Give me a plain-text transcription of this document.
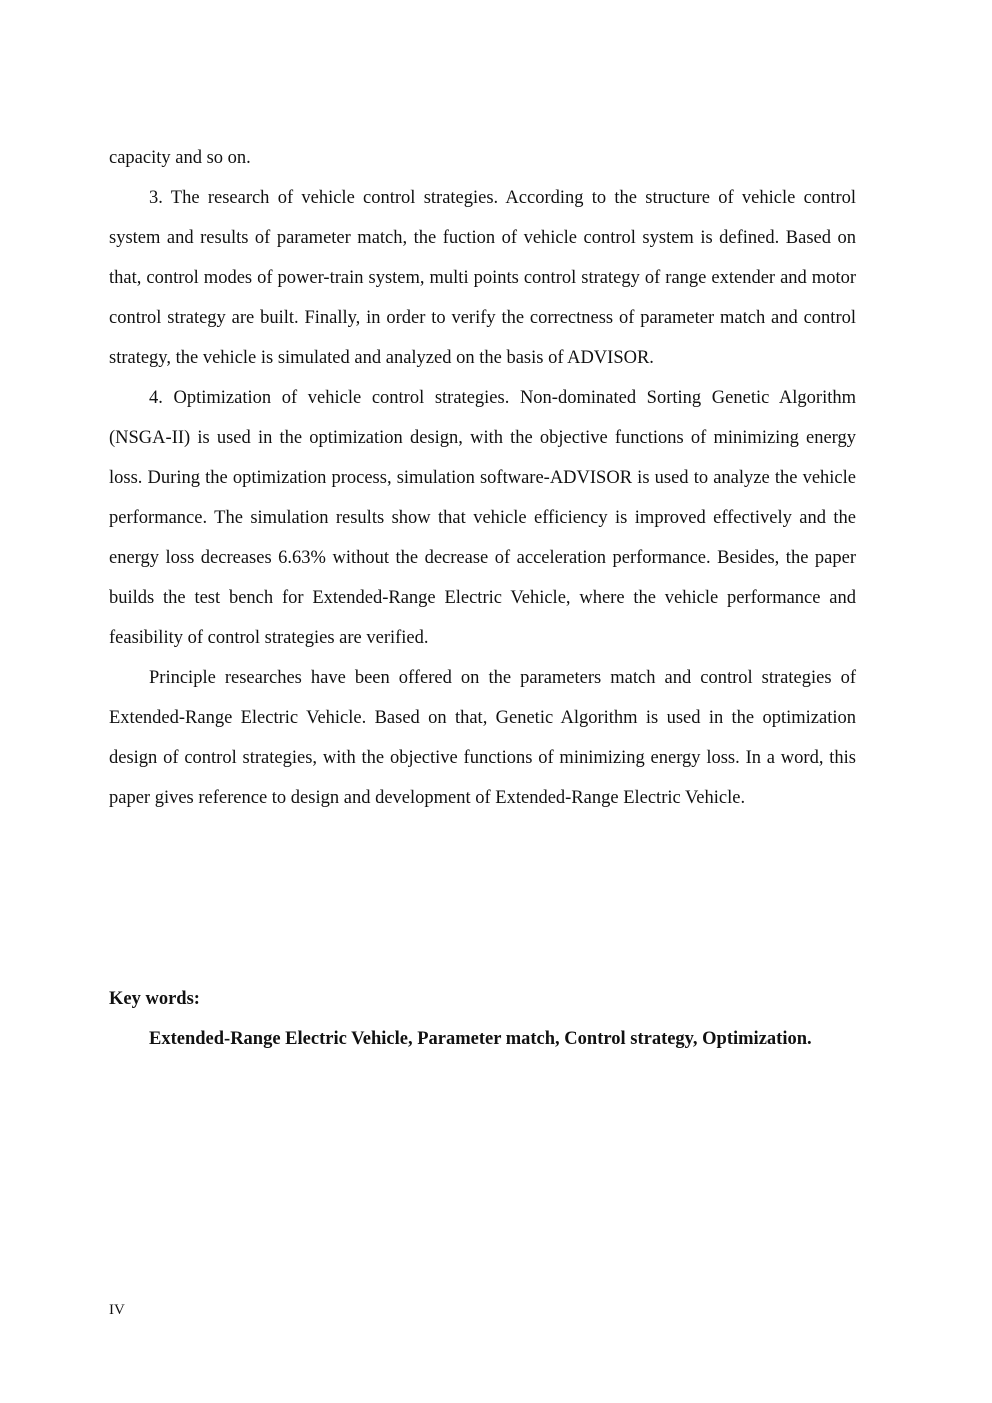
capacity and so on.

3. The research of vehicle control strategies. According to the structure of vehicle control system and results of parameter match, the fuction of vehicle control system is defined. Based on that, control modes of power-train system, multi points control strategy of range extender and motor control strategy are built. Finally, in order to verify the correctness of parameter match and control strategy, the vehicle is simulated and analyzed on the basis of ADVISOR.

4. Optimization of vehicle control strategies. Non-dominated Sorting Genetic Algorithm (NSGA-II) is used in the optimization design, with the objective functions of minimizing energy loss. During the optimization process, simulation software-ADVISOR is used to analyze the vehicle performance. The simulation results show that vehicle efficiency is improved effectively and the energy loss decreases 6.63% without the decrease of acceleration performance. Besides, the paper builds the test bench for Extended-Range Electric Vehicle, where the vehicle performance and feasibility of control strategies are verified.

Principle researches have been offered on the parameters match and control strategies of Extended-Range Electric Vehicle. Based on that, Genetic Algorithm is used in the optimization design of control strategies, with the objective functions of minimizing energy loss. In a word, this paper gives reference to design and development of Extended-Range Electric Vehicle.

Key words:

Extended-Range Electric Vehicle, Parameter match, Control strategy, Optimization.

IV
